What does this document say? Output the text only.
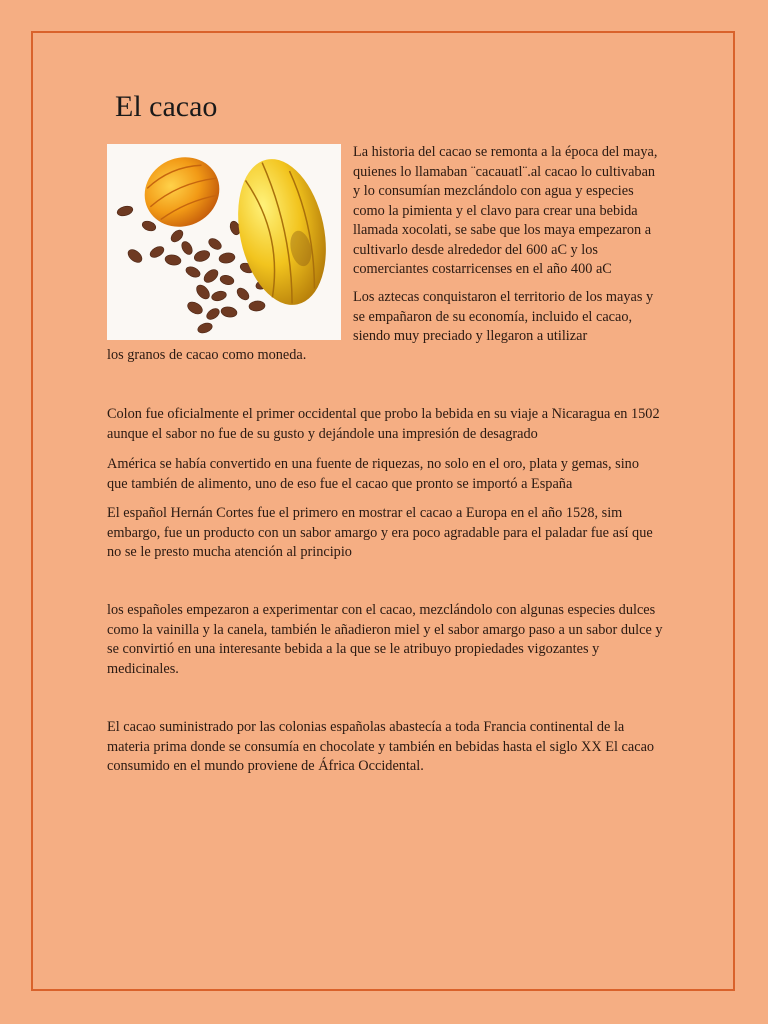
El cacao

La historia del cacao se remonta a la época del maya, quienes lo llamaban ¨cacauatl¨.al cacao lo cultivaban y lo consumían mezclándolo con agua y especies como la pimienta y el clavo para crear una bebida llamada xocolati, se sabe que los maya empezaron a cultivarlo desde alrededor del 600 aC y los comerciantes costarricenses en el año 400 aC

Los aztecas conquistaron el territorio de los mayas y se empañaron de su economía, incluido el cacao, siendo muy preciado y llegaron a utilizar

los granos de cacao como moneda.

Colon fue oficialmente el primer occidental que probo la bebida en su viaje a Nicaragua en 1502 aunque el sabor no fue de su gusto y dejándole una impresión de desagrado

América se había convertido en una fuente de riquezas, no solo en el oro, plata y gemas, sino que también de alimento, uno de eso fue el cacao que pronto se importó a España

El español Hernán Cortes fue el primero en mostrar el cacao a Europa en el año 1528, sim embargo, fue un producto con un sabor amargo y era poco agradable para el paladar fue así que no se le presto mucha atención al principio

los españoles empezaron a experimentar con el cacao, mezclándolo con algunas especies dulces como la vainilla y la canela, también le añadieron miel y el sabor amargo paso a un sabor dulce y se convirtió en una interesante bebida a la que se le atribuyo propiedades vigozantes y medicinales.

El cacao suministrado por las colonias españolas abastecía a toda Francia continental de la materia prima donde se consumía en chocolate y también en bebidas hasta el siglo XX El cacao consumido en el mundo proviene de África Occidental.
